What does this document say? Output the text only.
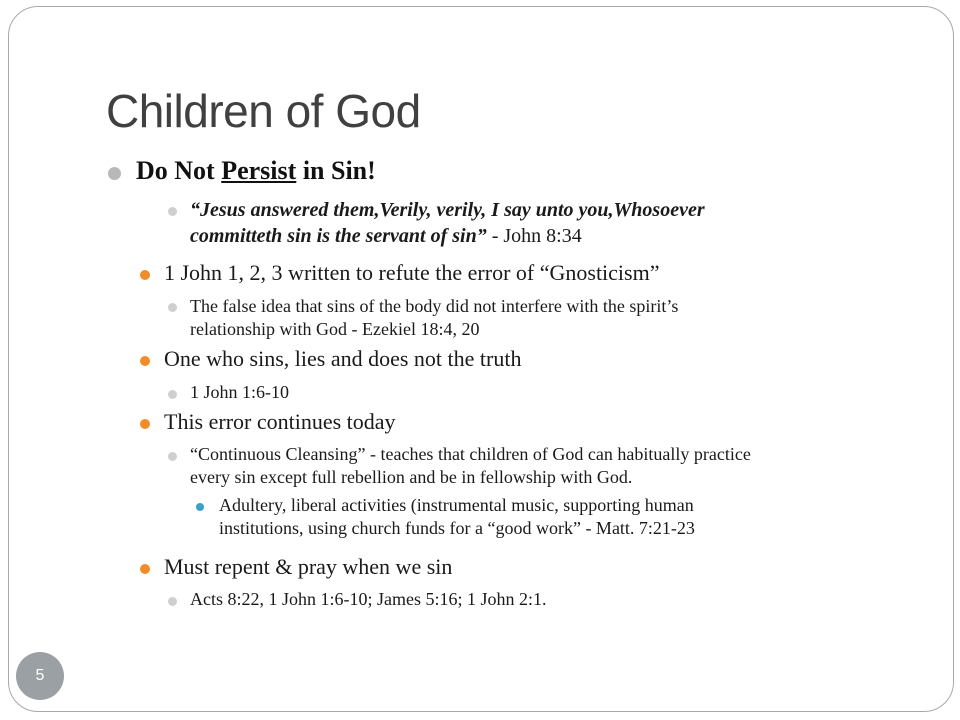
Children of God
Do Not Persist in Sin!
“Jesus answered them,Verily, verily, I say unto you,Whosoever
committeth sin is the servant of sin” - John 8:34
1 John 1, 2, 3 written to refute the error of “Gnosticism”
The false idea that sins of the body did not interfere with the spirit’s
relationship with God - Ezekiel 18:4, 20
One who sins, lies and does not the truth
1 John 1:6-10
This error continues today
“Continuous Cleansing” - teaches that children of God can habitually practice
every sin except full rebellion and be in fellowship with God.
Adultery, liberal activities (instrumental music, supporting human
institutions, using church funds for a “good work” - Matt. 7:21-23
Must repent & pray when we sin
Acts 8:22, 1 John 1:6-10; James 5:16; 1 John 2:1.
5
